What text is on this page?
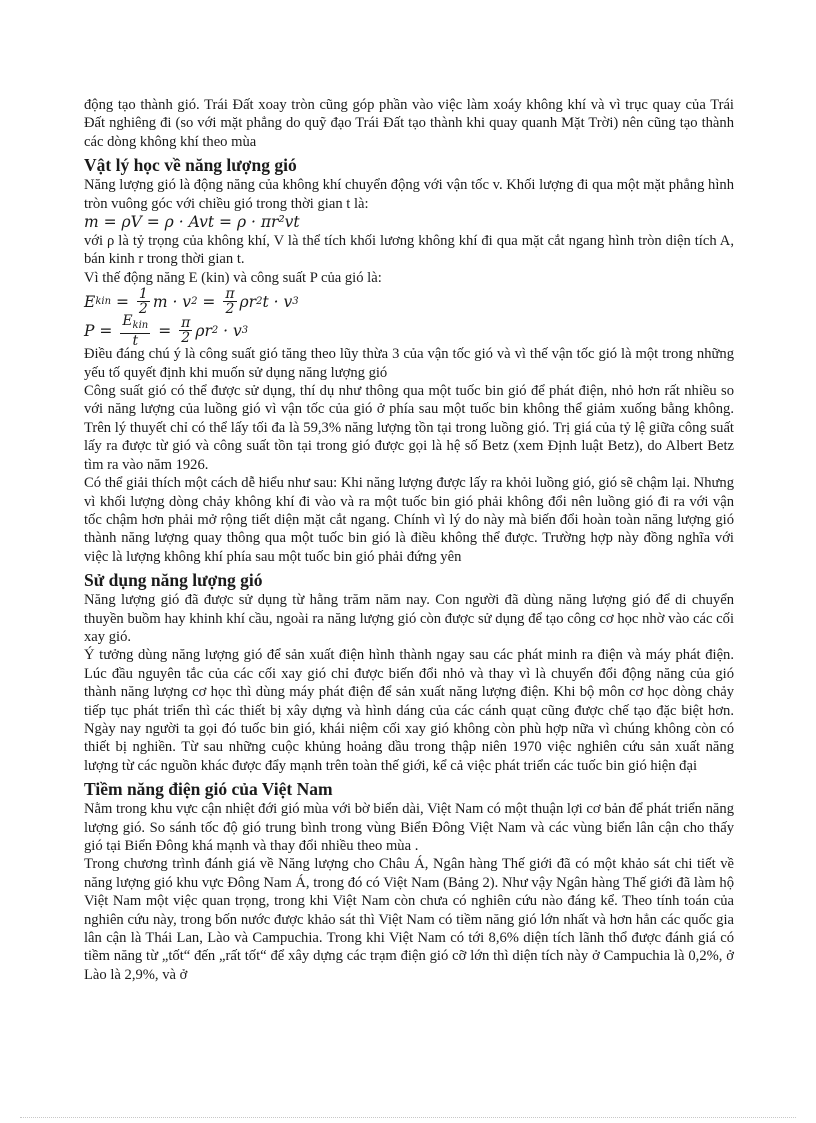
động tạo thành gió. Trái Đất xoay tròn cũng góp phần vào việc làm xoáy không khí và vì trục quay của Trái Đất nghiêng đi (so với mặt phẳng do quỹ đạo Trái Đất tạo thành khi quay quanh Mặt Trời) nên cũng tạo thành các dòng không khí theo mùa

Vật lý học về năng lượng gió

Năng lượng gió là động năng của không khí chuyển động với vận tốc v. Khối lượng đi qua một mặt phẳng hình tròn vuông góc với chiều gió trong thời gian t là:

m = ρV = ρ · Avt = ρ · πr²vt

với ρ là tỷ trọng của không khí, V là thể tích khối lương không khí đi qua mặt cắt ngang hình tròn diện tích A, bán kinh r trong thời gian t.

Vì thế động năng E (kin) và công suất P của gió là:

E kin
=
$\frac{1}{2}$ m · v 2
=
$\frac{\pi}{2}$ ρr 2 t · v 3
P
=
$\frac{E_{kin}}{t}$
=
$\frac{\pi}{2}$ ρr 2
· v 3

Điều đáng chú ý là công suất gió tăng theo lũy thừa 3 của vận tốc gió và vì thế vận tốc gió là một trong những yếu tố quyết định khi muốn sử dụng năng lượng gió

Công suất gió có thể được sử dụng, thí dụ như thông qua một tuốc bin gió để phát điện, nhỏ hơn rất nhiều so với năng lượng của luồng gió vì vận tốc của gió ở phía sau một tuốc bin không thể giảm xuống bằng không. Trên lý thuyết chỉ có thể lấy tối đa là 59,3% năng lượng tồn tại trong luồng gió. Trị giá của tỷ lệ giữa công suất lấy ra được từ gió và công suất tồn tại trong gió được gọi là hệ số Betz (xem Định luật Betz), do Albert Betz tìm ra vào năm 1926.

Có thể giải thích một cách dễ hiểu như sau: Khi năng lượng được lấy ra khỏi luồng gió, gió sẽ chậm lại. Nhưng vì khối lượng dòng chảy không khí đi vào và ra một tuốc bin gió phải không đổi nên luồng gió đi ra với vận tốc chậm hơn phải mở rộng tiết diện mặt cắt ngang. Chính vì lý do này mà biến đổi hoàn toàn năng lượng gió thành năng lượng quay thông qua một tuốc bin gió là điều không thể được. Trường hợp này đồng nghĩa với việc là lượng không khí phía sau một tuốc bin gió phải đứng yên

Sử dụng năng lượng gió

Năng lượng gió đã được sử dụng từ hằng trăm năm nay. Con người đã dùng năng lượng gió để di chuyển thuyền buồm hay khinh khí cầu, ngoài ra năng lượng gió còn được sử dụng để tạo công cơ học nhờ vào các cối xay gió.

Ý tưởng dùng năng lượng gió để sản xuất điện hình thành ngay sau các phát minh ra điện và máy phát điện. Lúc đầu nguyên tắc của các cối xay gió chỉ được biến đổi nhỏ và thay vì là chuyển đổi động năng của gió thành năng lượng cơ học thì dùng máy phát điện để sản xuất năng lượng điện. Khi bộ môn cơ học dòng chảy tiếp tục phát triển thì các thiết bị xây dựng và hình dáng của các cánh quạt cũng được chế tạo đặc biệt hơn. Ngày nay người ta gọi đó tuốc bin gió, khái niệm cối xay gió không còn phù hợp nữa vì chúng không còn có thiết bị nghiền. Từ sau những cuộc khủng hoảng dầu trong thập niên 1970 việc nghiên cứu sản xuất năng lượng từ các nguồn khác được đẩy mạnh trên toàn thế giới, kể cả việc phát triển các tuốc bin gió hiện đại

Tiềm năng điện gió của Việt Nam

Nằm trong khu vực cận nhiệt đới gió mùa với bờ biển dài, Việt Nam có một thuận lợi cơ bản để phát triển năng lượng gió. So sánh tốc độ gió trung bình trong vùng Biển Đông Việt Nam và các vùng biển lân cận cho thấy gió tại Biển Đông khá mạnh và thay đổi nhiều theo mùa .

Trong chương trình đánh giá về Năng lượng cho Châu Á, Ngân hàng Thế giới đã có một khảo sát chi tiết về năng lượng gió khu vực Đông Nam Á, trong đó có Việt Nam (Bảng 2). Như vậy Ngân hàng Thế giới đã làm hộ Việt Nam một việc quan trọng, trong khi Việt Nam còn chưa có nghiên cứu nào đáng kể. Theo tính toán của nghiên cứu này, trong bốn nước được khảo sát thì Việt Nam có tiềm năng gió lớn nhất và hơn hẳn các quốc gia lân cận là Thái Lan, Lào và Campuchia. Trong khi Việt Nam có tới 8,6% diện tích lãnh thổ được đánh giá có tiềm năng từ „tốt“ đến „rất tốt“ để xây dựng các trạm điện gió cỡ lớn thì diện tích này ở Campuchia là 0,2%, ở Lào là 2,9%, và ở
